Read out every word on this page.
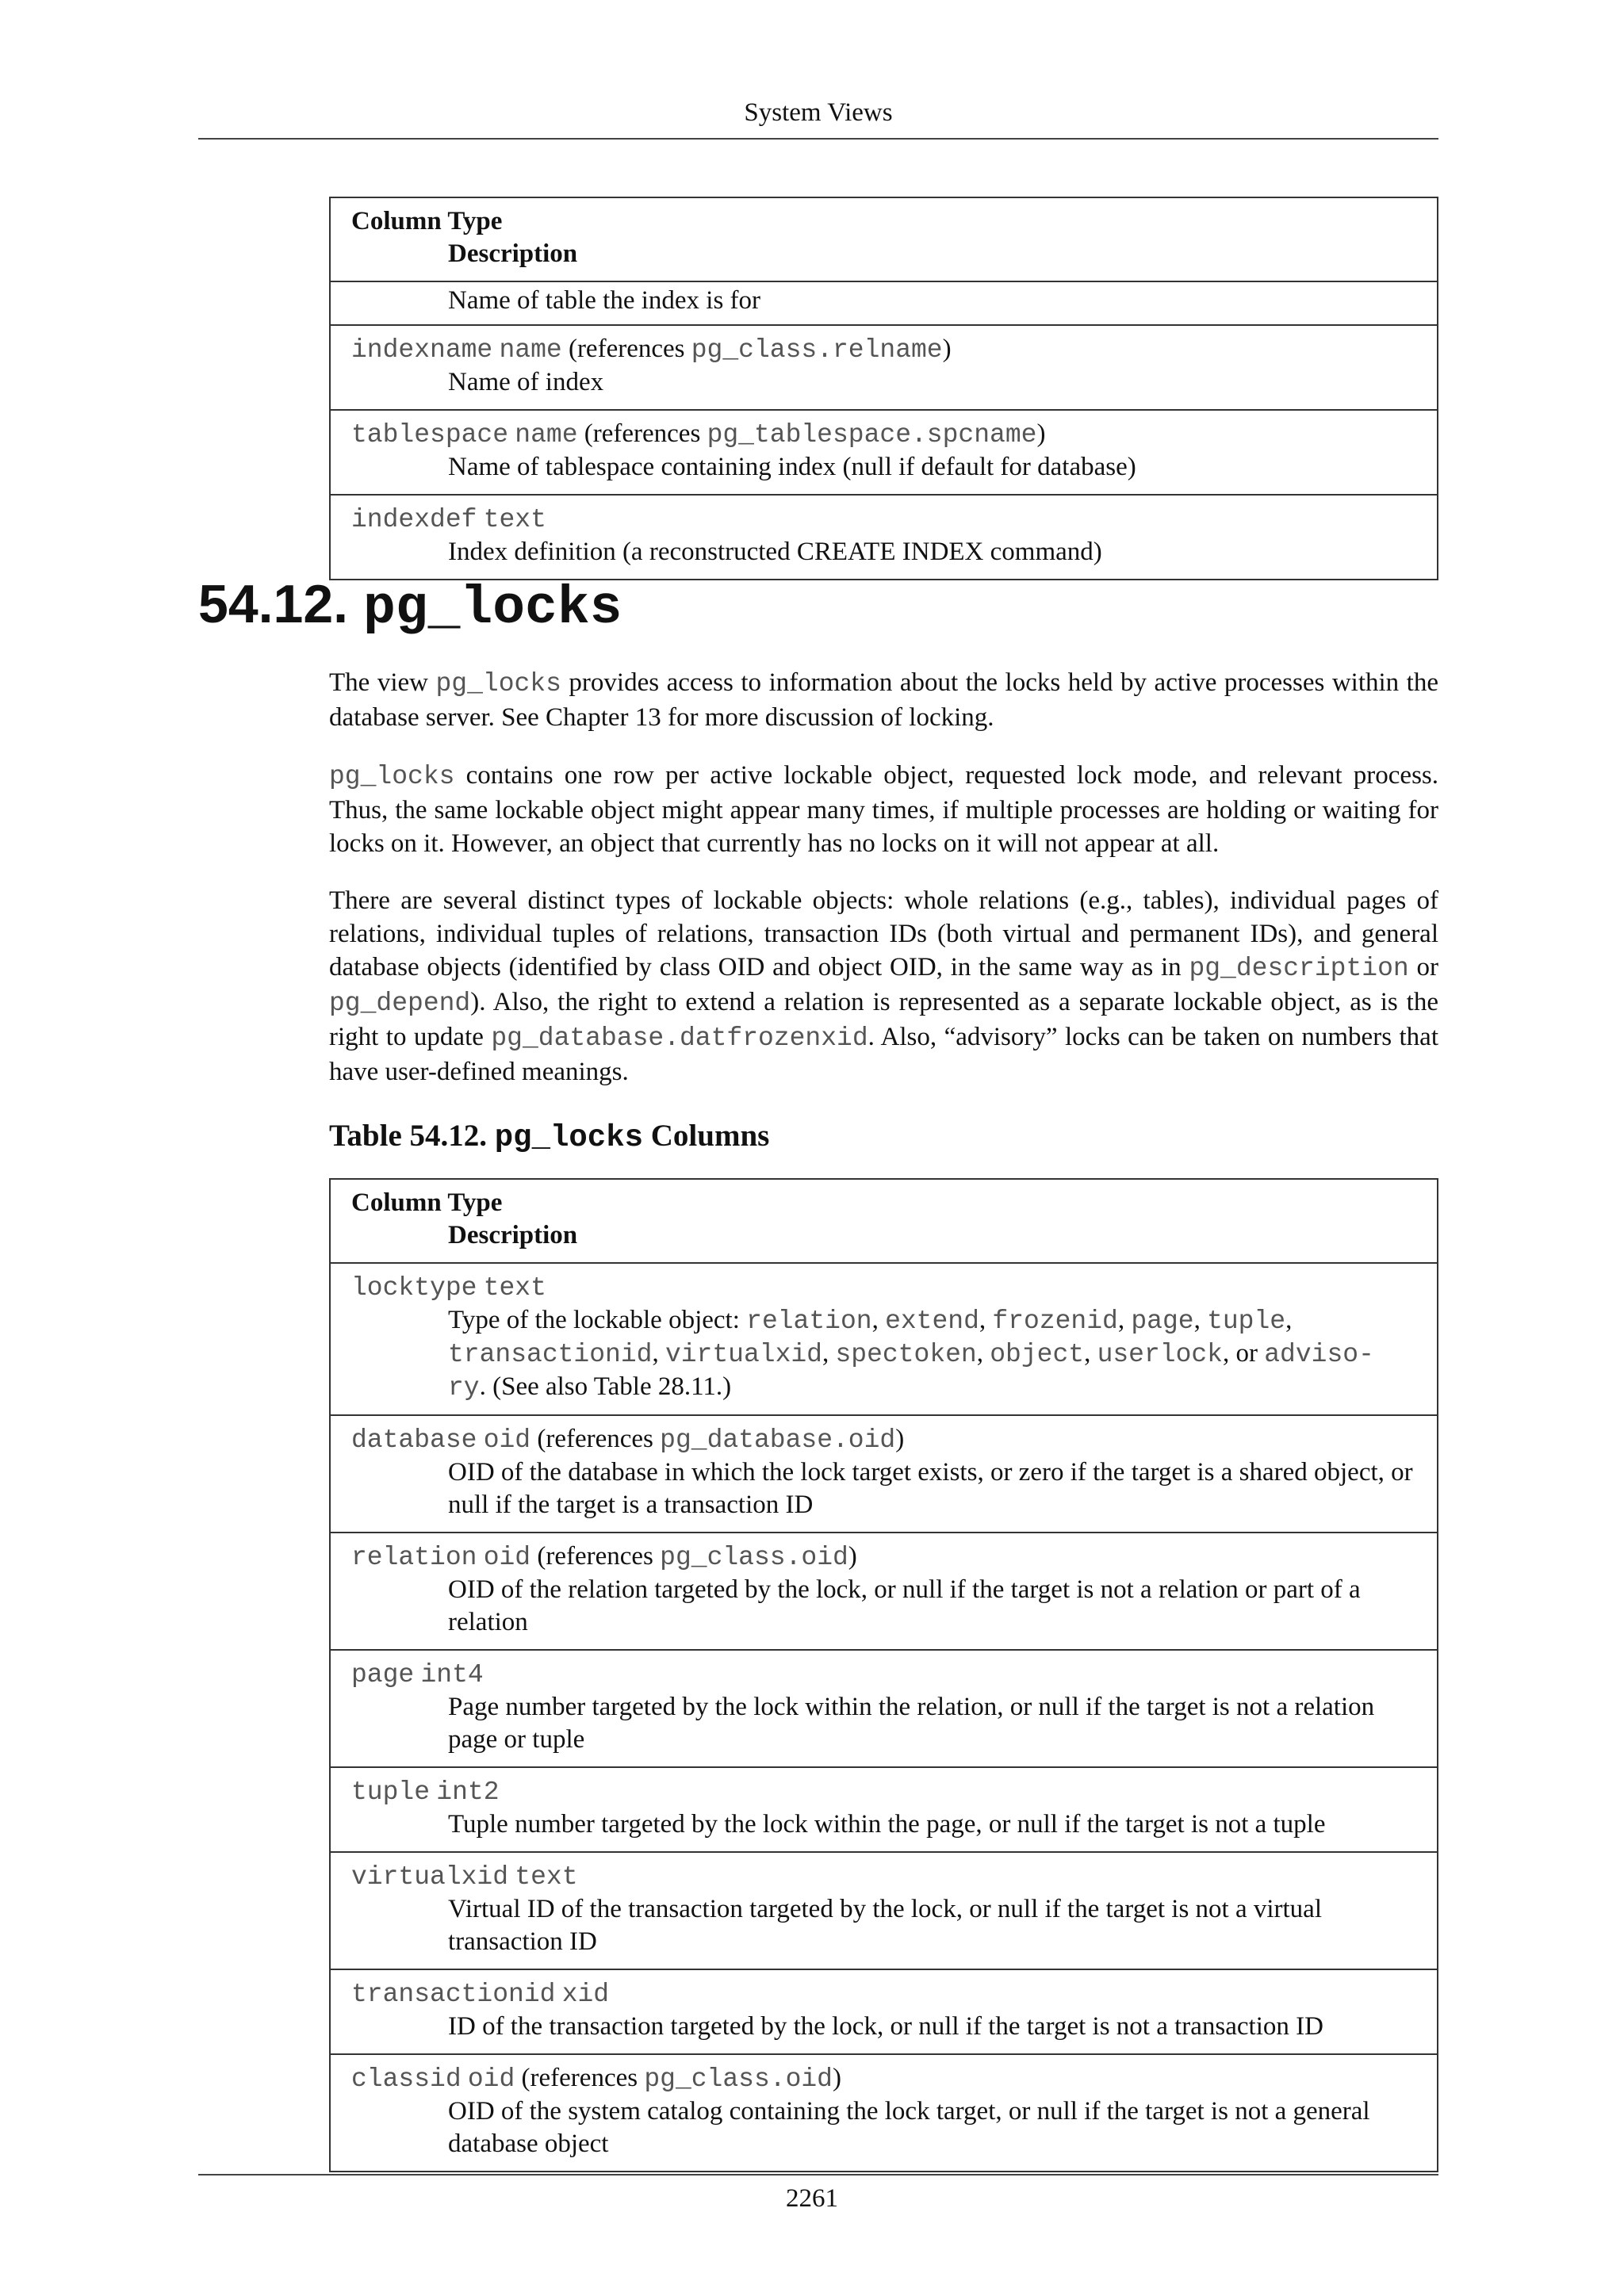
System Views
Column Type
Description
Name of table the index is for
indexname name (references pg_class.relname)
Name of index
tablespace name (references pg_tablespace.spcname)
Name of tablespace containing index (null if default for database)
indexdef text
Index definition (a reconstructed CREATE INDEX command)
54.12. pg_locks

The view pg_locks provides access to information about the locks held by active processes within the database server. See Chapter 13 for more discussion of locking.

pg_locks contains one row per active lockable object, requested lock mode, and relevant process. Thus, the same lockable object might appear many times, if multiple processes are holding or waiting for locks on it. However, an object that currently has no locks on it will not appear at all.

There are several distinct types of lockable objects: whole relations (e.g., tables), individual pages of relations, individual tuples of relations, transaction IDs (both virtual and permanent IDs), and general database objects (identified by class OID and object OID, in the same way as in pg_description or pg_depend). Also, the right to extend a relation is represented as a separate lockable object, as is the right to update pg_database.datfrozenxid. Also, “advisory” locks can be taken on numbers that have user-defined meanings.

Table 54.12. pg_locks Columns
Column Type
Description
locktype text
Type of the lockable object: relation, extend, frozenid, page, tuple,
transactionid, virtualxid, spectoken, object, userlock, or adviso-
ry. (See also Table 28.11.)
database oid (references pg_database.oid)
OID of the database in which the lock target exists, or zero if the target is a shared object, or null if the target is a transaction ID
relation oid (references pg_class.oid)
OID of the relation targeted by the lock, or null if the target is not a relation or part of a relation
page int4
Page number targeted by the lock within the relation, or null if the target is not a relation page or tuple
tuple int2
Tuple number targeted by the lock within the page, or null if the target is not a tuple
virtualxid text
Virtual ID of the transaction targeted by the lock, or null if the target is not a virtual transaction ID
transactionid xid
ID of the transaction targeted by the lock, or null if the target is not a transaction ID
classid oid (references pg_class.oid)
OID of the system catalog containing the lock target, or null if the target is not a general database object
2261
